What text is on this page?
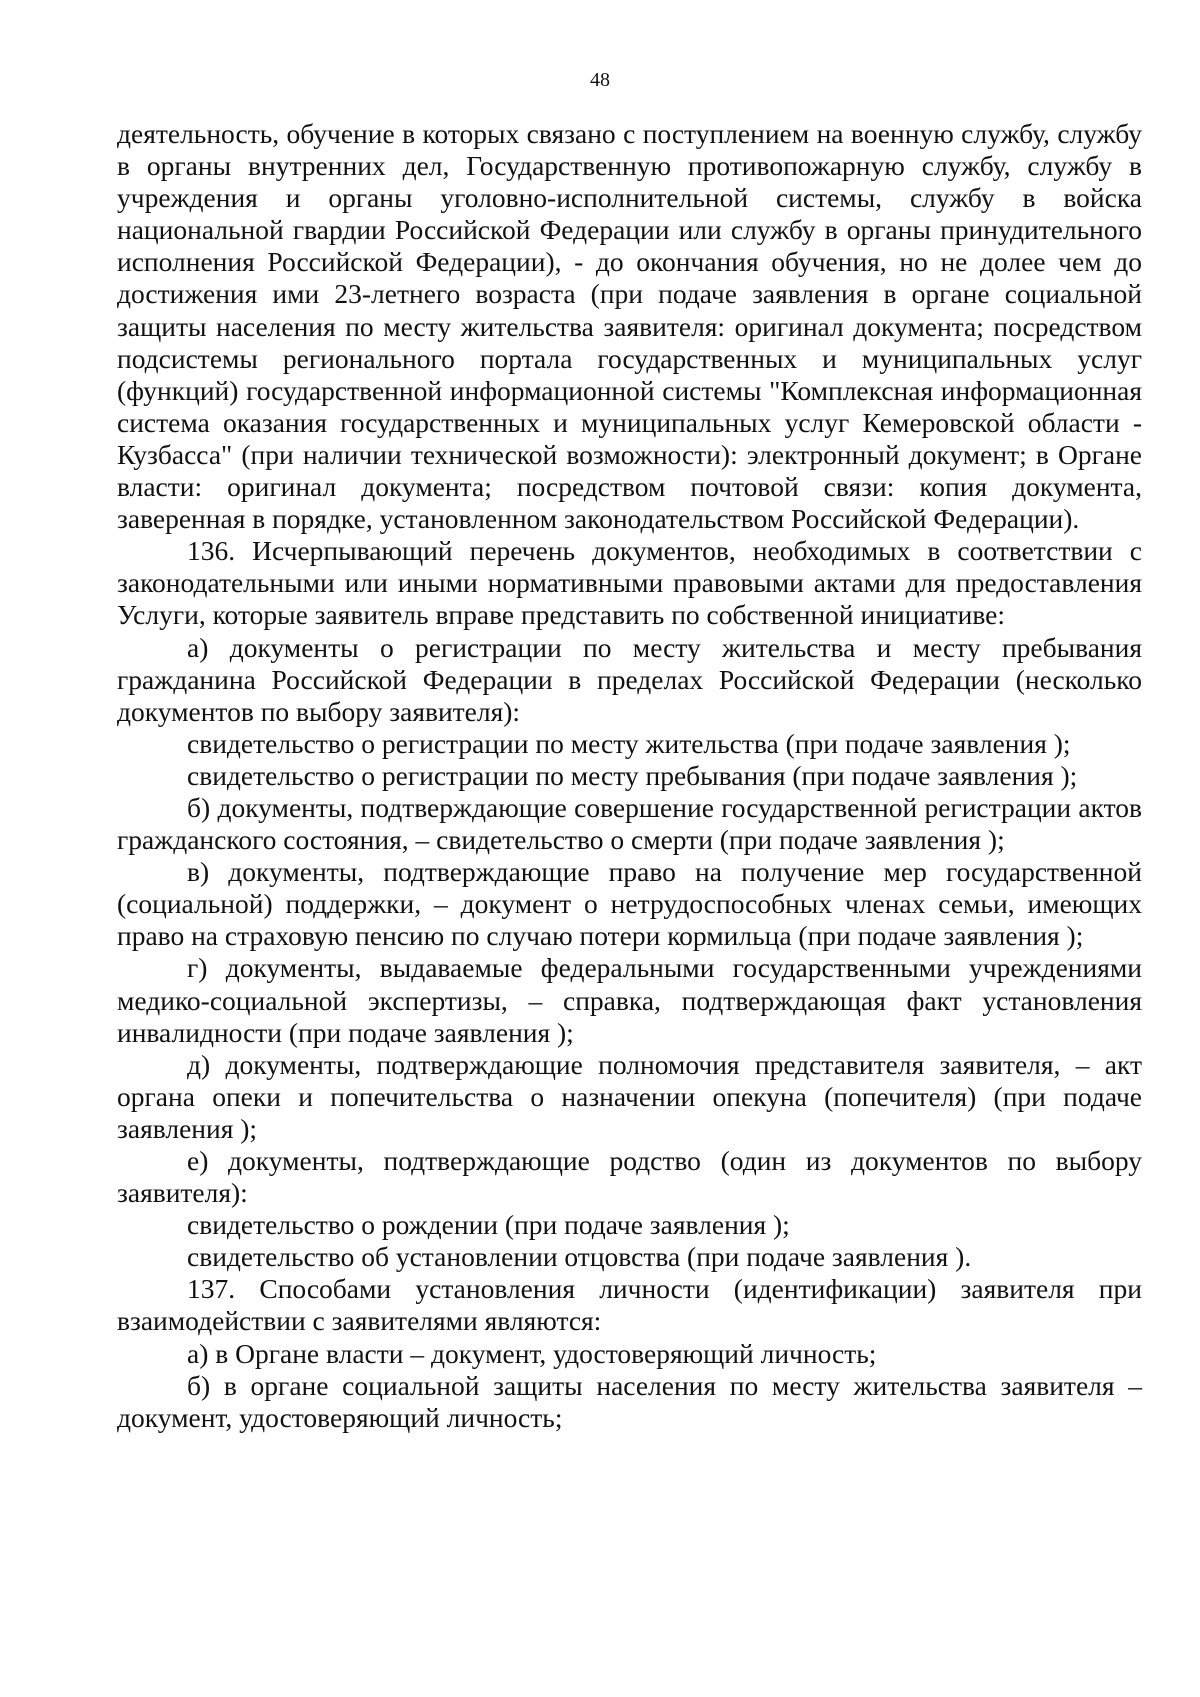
48

деятельность, обучение в которых связано с поступлением на военную службу, службу в органы внутренних дел, Государственную противопожарную службу, службу в учреждения и органы уголовно-исполнительной системы, службу в войска национальной гвардии Российской Федерации или службу в органы принудительного исполнения Российской Федерации), - до окончания обучения, но не долее чем до достижения ими 23-летнего возраста (при подаче заявления в органе социальной защиты населения по месту жительства заявителя: оригинал документа; посредством подсистемы регионального портала государственных и муниципальных услуг (функций) государственной информационной системы "Комплексная информационная система оказания государственных и муниципальных услуг Кемеровской области - Кузбасса" (при наличии технической возможности): электронный документ; в Органе власти: оригинал документа; посредством почтовой связи: копия документа, заверенная в порядке, установленном законодательством Российской Федерации).

136. Исчерпывающий перечень документов, необходимых в соответствии с законодательными или иными нормативными правовыми актами для предоставления Услуги, которые заявитель вправе представить по собственной инициативе:

а) документы о регистрации по месту жительства и месту пребывания гражданина Российской Федерации в пределах Российской Федерации (несколько документов по выбору заявителя):

свидетельство о регистрации по месту жительства (при подаче заявления );

свидетельство о регистрации по месту пребывания (при подаче заявления );

б) документы, подтверждающие совершение государственной регистрации актов гражданского состояния, – свидетельство о смерти (при подаче заявления );

в) документы, подтверждающие право на получение мер государственной (социальной) поддержки, – документ о нетрудоспособных членах семьи, имеющих право на страховую пенсию по случаю потери кормильца (при подаче заявления );

г) документы, выдаваемые федеральными государственными учреждениями медико-социальной экспертизы, – справка, подтверждающая факт установления инвалидности (при подаче заявления );

д) документы, подтверждающие полномочия представителя заявителя, – акт органа опеки и попечительства о назначении опекуна (попечителя) (при подаче заявления );

е) документы, подтверждающие родство (один из документов по выбору заявителя):

свидетельство о рождении (при подаче заявления );

свидетельство об установлении отцовства (при подаче заявления ).

137. Способами установления личности (идентификации) заявителя при взаимодействии с заявителями являются:

а) в Органе власти – документ, удостоверяющий личность;

б) в органе социальной защиты населения по месту жительства заявителя – документ, удостоверяющий личность;
